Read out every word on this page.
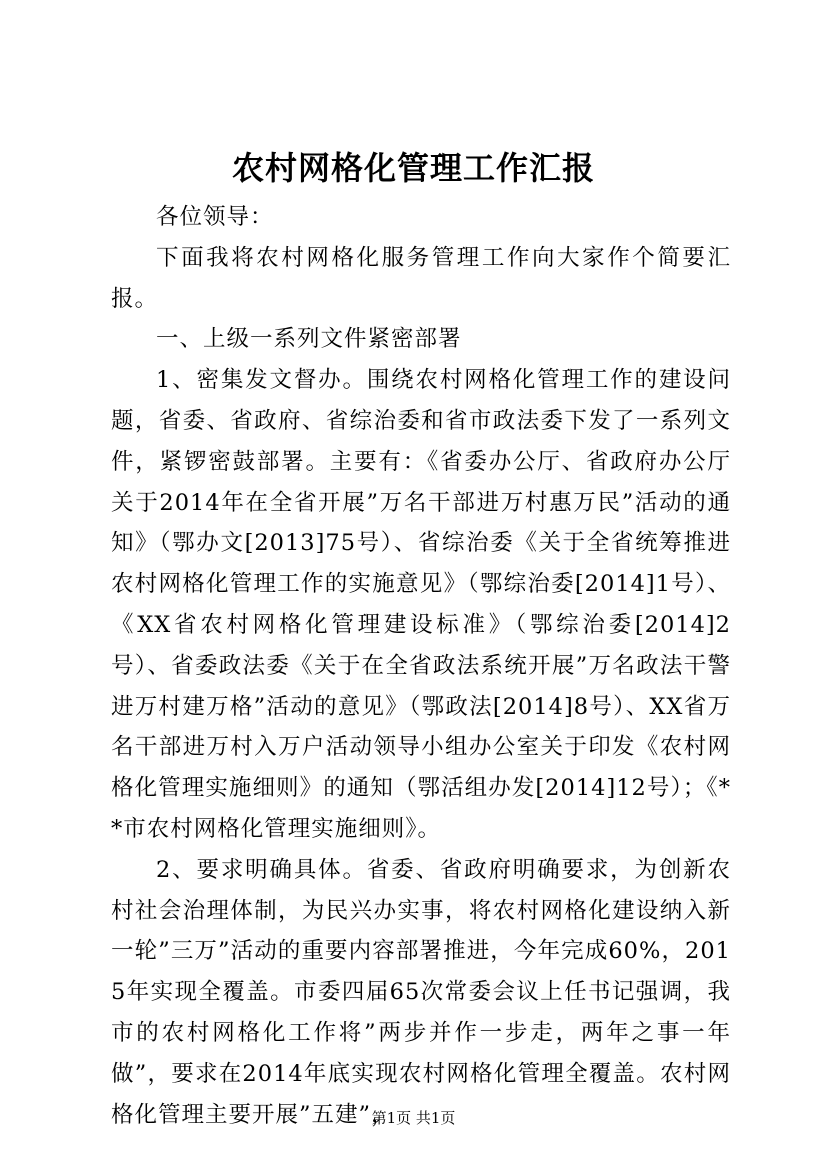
农村网格化管理工作汇报

各位领导：

下面我将农村网格化服务管理工作向大家作个简要汇报。

一、上级一系列文件紧密部署

1、密集发文督办。围绕农村网格化管理工作的建设问题，省委、省政府、省综治委和省市政法委下发了一系列文件，紧锣密鼓部署。主要有：《省委办公厅、省政府办公厅关于2014年在全省开展”万名干部进万村惠万民”活动的通知》（鄂办文[2013]75号）、省综治委《关于全省统筹推进农村网格化管理工作的实施意见》（鄂综治委[2014]1号）、《XX省农村网格化管理建设标准》（鄂综治委[2014]2号）、省委政法委《关于在全省政法系统开展”万名政法干警进万村建万格”活动的意见》（鄂政法[2014]8号）、XX省万名干部进万村入万户活动领导小组办公室关于印发《农村网格化管理实施细则》的通知（鄂活组办发[2014]12号）；《**市农村网格化管理实施细则》。

2、要求明确具体。省委、省政府明确要求，为创新农村社会治理体制，为民兴办实事，将农村网格化建设纳入新一轮”三万”活动的重要内容部署推进，今年完成60%，2015年实现全覆盖。市委四届65次常委会议上任书记强调，我市的农村网格化工作将”两步并作一步走，两年之事一年做”，要求在2014年底实现农村网格化管理全覆盖。农村网格化管理主要开展”五建”，

第1页 共1页
